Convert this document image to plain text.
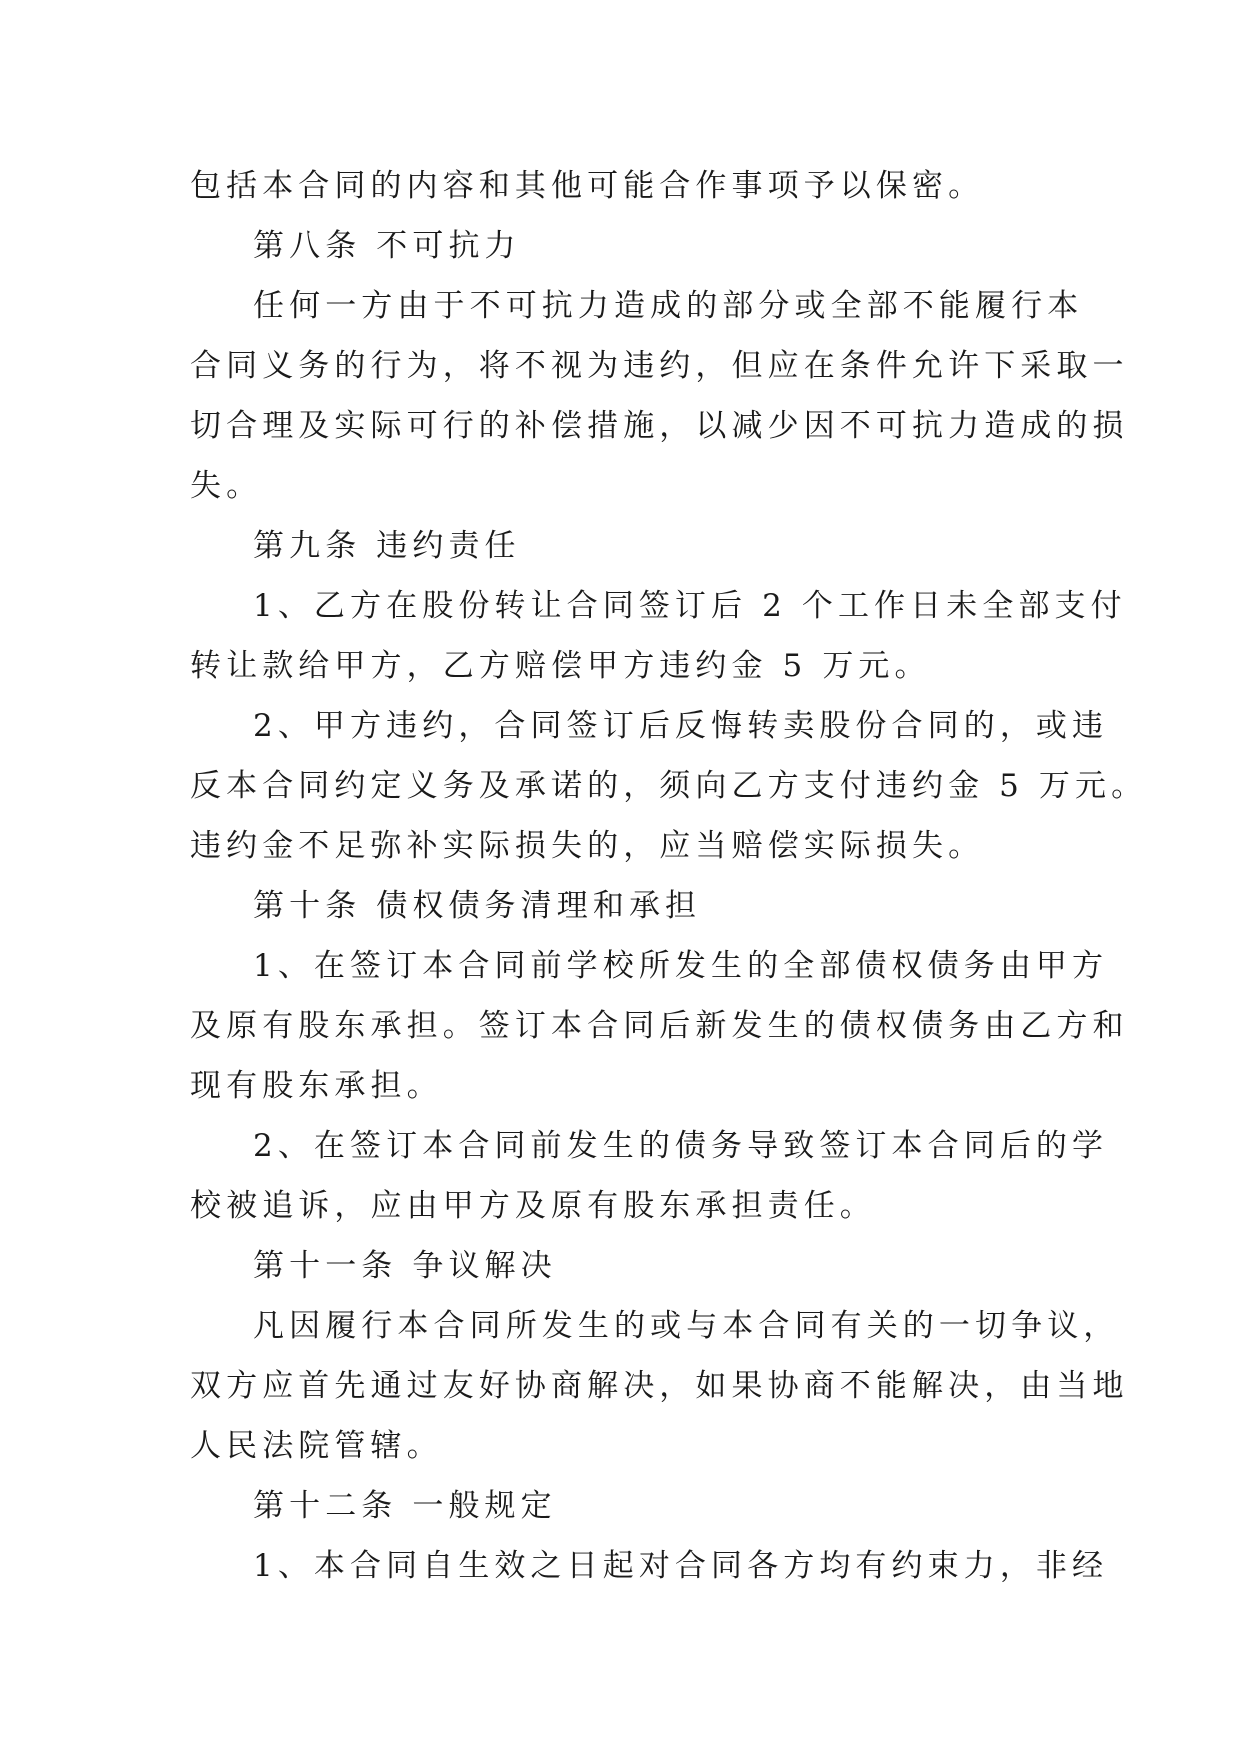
包括本合同的内容和其他可能合作事项予以保密。
第八条 不可抗力
任何一方由于不可抗力造成的部分或全部不能履行本
合同义务的行为，将不视为违约，但应在条件允许下采取一
切合理及实际可行的补偿措施，以减少因不可抗力造成的损
失。
第九条 违约责任
1、乙方在股份转让合同签订后 2 个工作日未全部支付
转让款给甲方，乙方赔偿甲方违约金 5 万元。
2、甲方违约，合同签订后反悔转卖股份合同的，或违
反本合同约定义务及承诺的，须向乙方支付违约金 5 万元。
违约金不足弥补实际损失的，应当赔偿实际损失。
第十条 债权债务清理和承担
1、在签订本合同前学校所发生的全部债权债务由甲方
及原有股东承担。签订本合同后新发生的债权债务由乙方和
现有股东承担。
2、在签订本合同前发生的债务导致签订本合同后的学
校被追诉，应由甲方及原有股东承担责任。
第十一条 争议解决
凡因履行本合同所发生的或与本合同有关的一切争议，
双方应首先通过友好协商解决，如果协商不能解决，由当地
人民法院管辖。
第十二条 一般规定
1、本合同自生效之日起对合同各方均有约束力，非经
